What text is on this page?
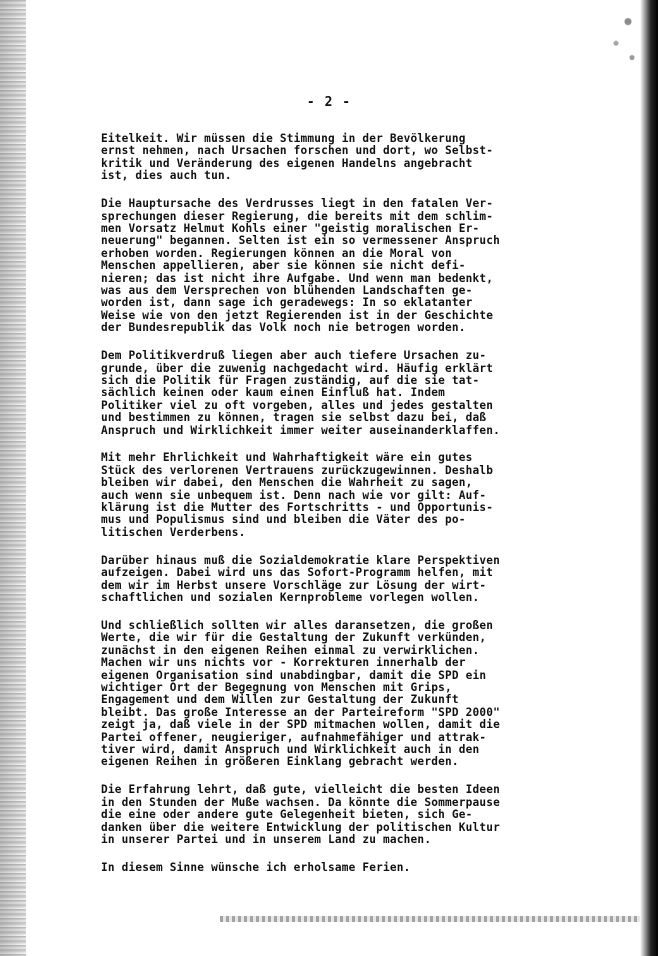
- 2 -

Eitelkeit. Wir müssen die Stimmung in der Bevölkerung
ernst nehmen, nach Ursachen forschen und dort, wo Selbst-
kritik und Veränderung des eigenen Handelns angebracht
ist, dies auch tun.

Die Hauptursache des Verdrusses liegt in den fatalen Ver-
sprechungen dieser Regierung, die bereits mit dem schlim-
men Vorsatz Helmut Kohls einer "geistig moralischen Er-
neuerung" begannen. Selten ist ein so vermessener Anspruch
erhoben worden. Regierungen können an die Moral von
Menschen appellieren, aber sie können sie nicht defi-
nieren; das ist nicht ihre Aufgabe. Und wenn man bedenkt,
was aus dem Versprechen von blühenden Landschaften ge-
worden ist, dann sage ich geradewegs: In so eklatanter
Weise wie von den jetzt Regierenden ist in der Geschichte
der Bundesrepublik das Volk noch nie betrogen worden.

Dem Politikverdruß liegen aber auch tiefere Ursachen zu-
grunde, über die zuwenig nachgedacht wird. Häufig erklärt
sich die Politik für Fragen zuständig, auf die sie tat-
sächlich keinen oder kaum einen Einfluß hat. Indem
Politiker viel zu oft vorgeben, alles und jedes gestalten
und bestimmen zu können, tragen sie selbst dazu bei, daß
Anspruch und Wirklichkeit immer weiter auseinanderklaffen.

Mit mehr Ehrlichkeit und Wahrhaftigkeit wäre ein gutes
Stück des verlorenen Vertrauens zurückzugewinnen. Deshalb
bleiben wir dabei, den Menschen die Wahrheit zu sagen,
auch wenn sie unbequem ist. Denn nach wie vor gilt: Auf-
klärung ist die Mutter des Fortschritts - und Opportunis-
mus und Populismus sind und bleiben die Väter des po-
litischen Verderbens.

Darüber hinaus muß die Sozialdemokratie klare Perspektiven
aufzeigen. Dabei wird uns das Sofort-Programm helfen, mit
dem wir im Herbst unsere Vorschläge zur Lösung der wirt-
schaftlichen und sozialen Kernprobleme vorlegen wollen.

Und schließlich sollten wir alles daransetzen, die großen
Werte, die wir für die Gestaltung der Zukunft verkünden,
zunächst in den eigenen Reihen einmal zu verwirklichen.
Machen wir uns nichts vor - Korrekturen innerhalb der
eigenen Organisation sind unabdingbar, damit die SPD ein
wichtiger Ort der Begegnung von Menschen mit Grips,
Engagement und dem Willen zur Gestaltung der Zukunft
bleibt. Das große Interesse an der Parteireform "SPD 2000"
zeigt ja, daß viele in der SPD mitmachen wollen, damit die
Partei offener, neugieriger, aufnahmefähiger und attrak-
tiver wird, damit Anspruch und Wirklichkeit auch in den
eigenen Reihen in größeren Einklang gebracht werden.

Die Erfahrung lehrt, daß gute, vielleicht die besten Ideen
in den Stunden der Muße wachsen. Da könnte die Sommerpause
die eine oder andere gute Gelegenheit bieten, sich Ge-
danken über die weitere Entwicklung der politischen Kultur
in unserer Partei und in unserem Land zu machen.

In diesem Sinne wünsche ich erholsame Ferien.
